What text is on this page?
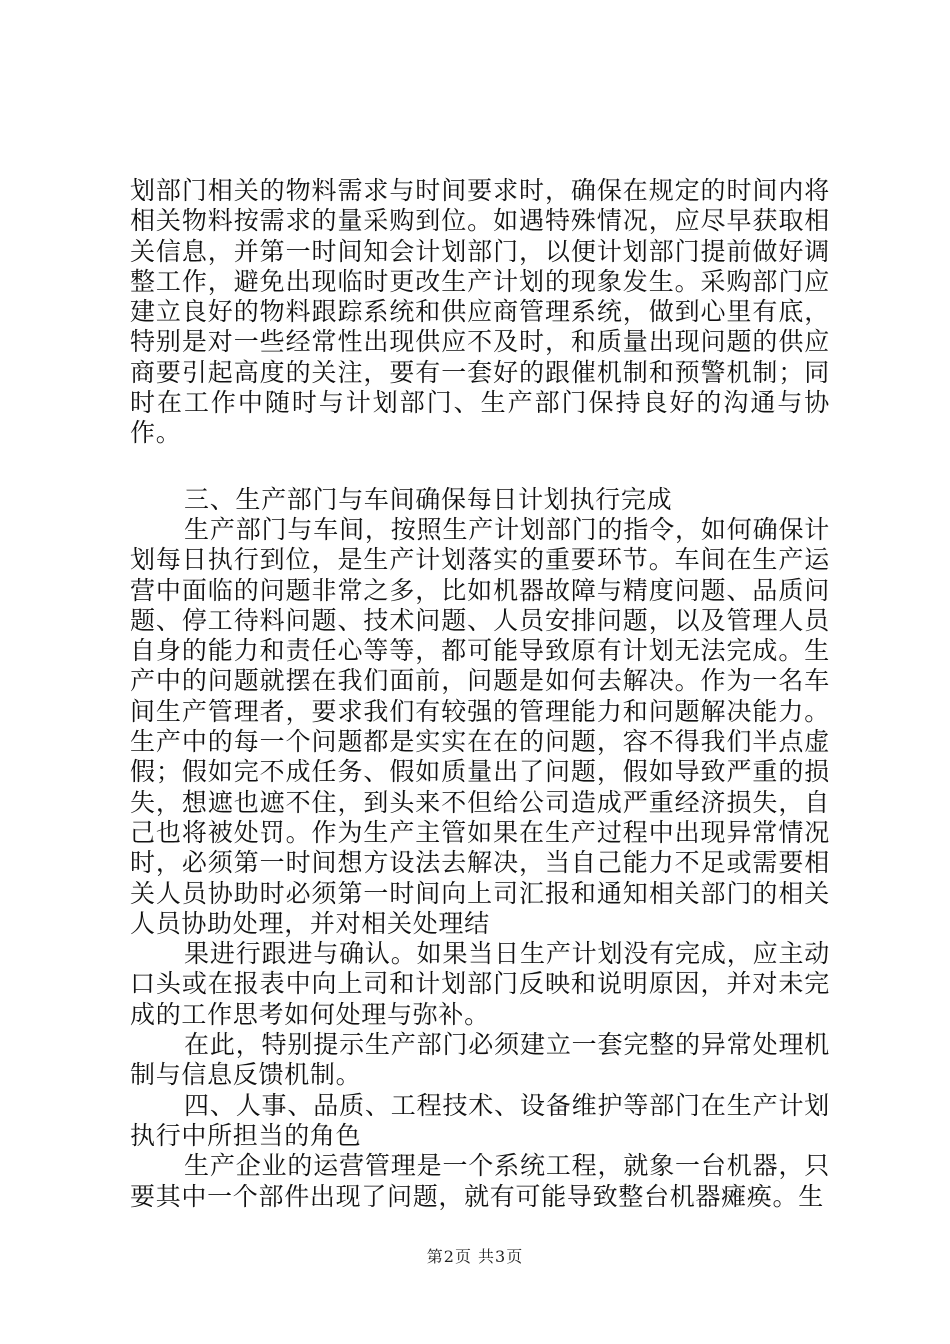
划部门相关的物料需求与时间要求时，确保在规定的时间内将相关物料按需求的量采购到位。如遇特殊情况，应尽早获取相关信息，并第一时间知会计划部门，以便计划部门提前做好调整工作，避免出现临时更改生产计划的现象发生。采购部门应建立良好的物料跟踪系统和供应商管理系统，做到心里有底，特别是对一些经常性出现供应不及时，和质量出现问题的供应商要引起高度的关注，要有一套好的跟催机制和预警机制；同时在工作中随时与计划部门、生产部门保持良好的沟通与协作。

三、生产部门与车间确保每日计划执行完成

生产部门与车间，按照生产计划部门的指令，如何确保计划每日执行到位，是生产计划落实的重要环节。车间在生产运营中面临的问题非常之多，比如机器故障与精度问题、品质问题、停工待料问题、技术问题、人员安排问题，以及管理人员自身的能力和责任心等等，都可能导致原有计划无法完成。生产中的问题就摆在我们面前，问题是如何去解决。作为一名车间生产管理者，要求我们有较强的管理能力和问题解决能力。生产中的每一个问题都是实实在在的问题，容不得我们半点虚假；假如完不成任务、假如质量出了问题，假如导致严重的损失，想遮也遮不住，到头来不但给公司造成严重经济损失，自己也将被处罚。作为生产主管如果在生产过程中出现异常情况时，必须第一时间想方设法去解决，当自己能力不足或需要相关人员协助时必须第一时间向上司汇报和通知相关部门的相关人员协助处理，并对相关处理结

果进行跟进与确认。如果当日生产计划没有完成，应主动口头或在报表中向上司和计划部门反映和说明原因，并对未完成的工作思考如何处理与弥补。

在此，特别提示生产部门必须建立一套完整的异常处理机制与信息反馈机制。

四、人事、品质、工程技术、设备维护等部门在生产计划执行中所担当的角色

生产企业的运营管理是一个系统工程，就象一台机器，只要其中一个部件出现了问题，就有可能导致整台机器瘫痪。生

第2页 共3页
